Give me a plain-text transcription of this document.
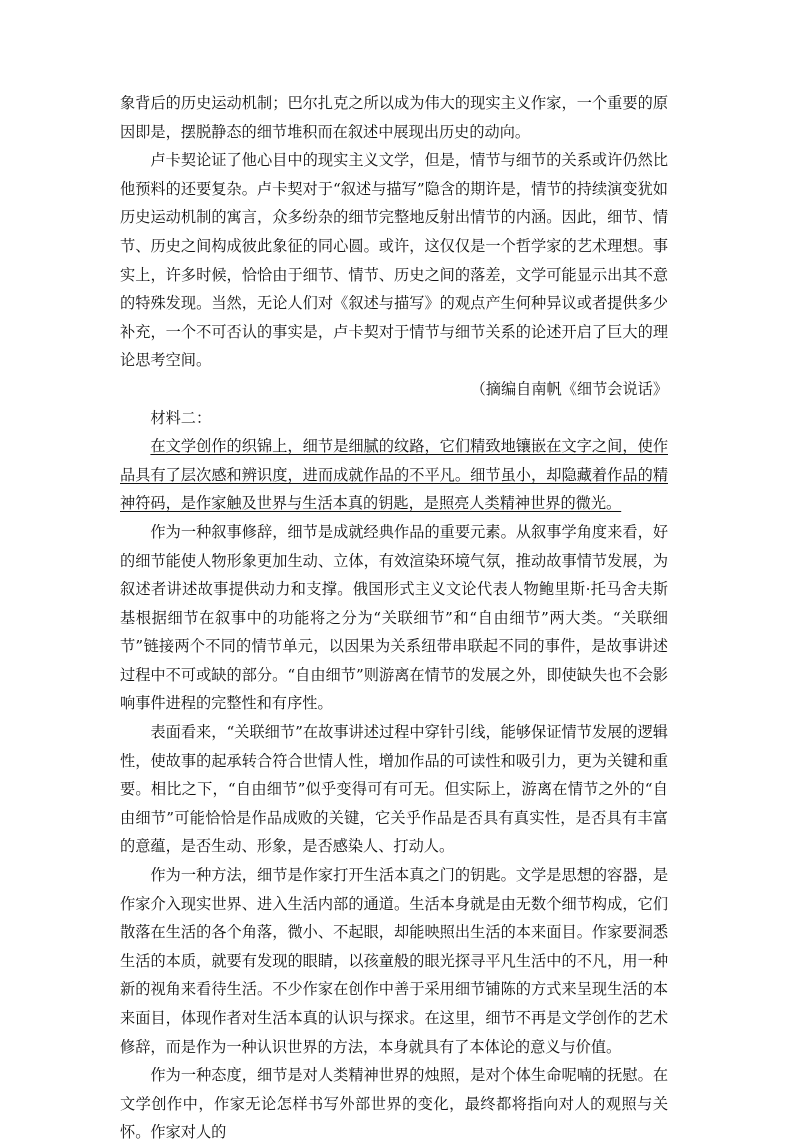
象背后的历史运动机制；巴尔扎克之所以成为伟大的现实主义作家，一个重要的原因即是，摆脱静态的细节堆积而在叙述中展现出历史的动向。

卢卡契论证了他心目中的现实主义文学，但是，情节与细节的关系或许仍然比他预料的还要复杂。卢卡契对于“叙述与描写”隐含的期许是，情节的持续演变犹如历史运动机制的寓言，众多纷杂的细节完整地反射出情节的内涵。因此，细节、情节、历史之间构成彼此象征的同心圆。或许，这仅仅是一个哲学家的艺术理想。事实上，许多时候，恰恰由于细节、情节、历史之间的落差，文学可能显示出其不意的特殊发现。当然，无论人们对《叙述与描写》的观点产生何种异议或者提供多少补充，一个不可否认的事实是，卢卡契对于情节与细节关系的论述开启了巨大的理论思考空间。

（摘编自南帆《细节会说话》

材料二：

在文学创作的织锦上，细节是细腻的纹路，它们精致地镶嵌在文字之间，使作品具有了层次感和辨识度，进而成就作品的不平凡。细节虽小，却隐藏着作品的精神符码，是作家触及世界与生活本真的钥匙，是照亮人类精神世界的微光。

作为一种叙事修辞，细节是成就经典作品的重要元素。从叙事学角度来看，好的细节能使人物形象更加生动、立体，有效渲染环境气氛，推动故事情节发展，为叙述者讲述故事提供动力和支撑。俄国形式主义文论代表人物鲍里斯·托马舍夫斯基根据细节在叙事中的功能将之分为“关联细节”和“自由细节”两大类。“关联细节”链接两个不同的情节单元，以因果为关系纽带串联起不同的事件，是故事讲述过程中不可或缺的部分。“自由细节”则游离在情节的发展之外，即使缺失也不会影响事件进程的完整性和有序性。

表面看来，“关联细节”在故事讲述过程中穿针引线，能够保证情节发展的逻辑性，使故事的起承转合符合世情人性，增加作品的可读性和吸引力，更为关键和重要。相比之下，“自由细节”似乎变得可有可无。但实际上，游离在情节之外的“自由细节”可能恰恰是作品成败的关键，它关乎作品是否具有真实性，是否具有丰富的意蕴，是否生动、形象，是否感染人、打动人。

作为一种方法，细节是作家打开生活本真之门的钥匙。文学是思想的容器，是作家介入现实世界、进入生活内部的通道。生活本身就是由无数个细节构成，它们散落在生活的各个角落，微小、不起眼，却能映照出生活的本来面目。作家要洞悉生活的本质，就要有发现的眼睛，以孩童般的眼光探寻平凡生活中的不凡，用一种新的视角来看待生活。不少作家在创作中善于采用细节铺陈的方式来呈现生活的本来面目，体现作者对生活本真的认识与探求。在这里，细节不再是文学创作的艺术修辞，而是作为一种认识世界的方法，本身就具有了本体论的意义与价值。

作为一种态度，细节是对人类精神世界的烛照，是对个体生命呢喃的抚慰。在文学创作中，作家无论怎样书写外部世界的变化，最终都将指向对人的观照与关怀。作家对人的
